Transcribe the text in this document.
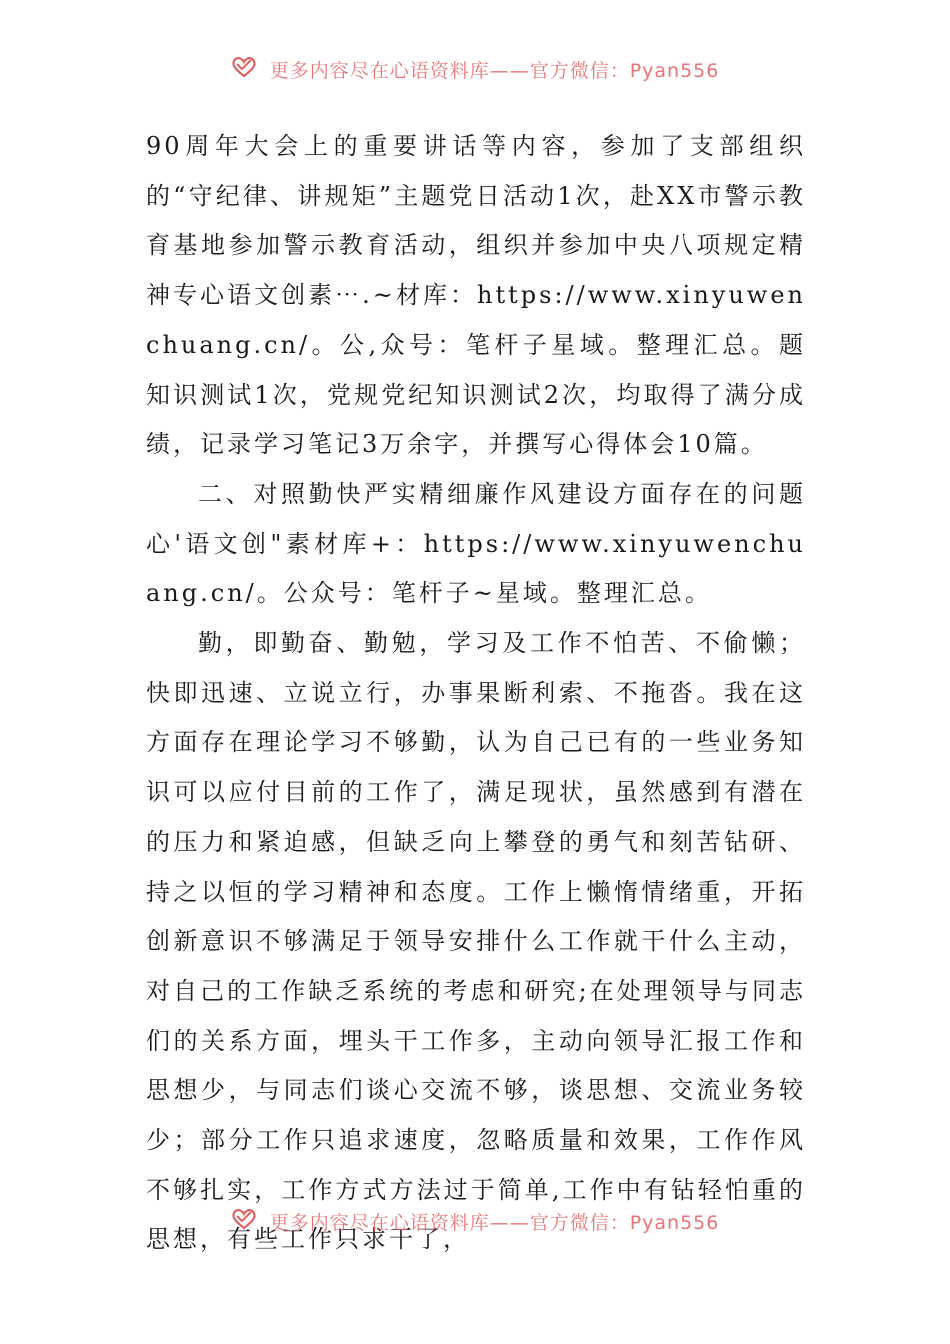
更多内容尽在心语资料库——官方微信：Pyan556

90周年大会上的重要讲话等内容，参加了支部组织的“守纪律、讲规矩”主题党日活动1次，赴XX市警示教育基地参加警示教育活动，组织并参加中央八项规定精神专心语文创素⋯.~材库：https://www.xinyuwenchuang.cn/。公,众号：笔杆子星域。整理汇总。题知识测试1次，党规党纪知识测试2次，均取得了满分成绩，记录学习笔记3万余字，并撰写心得体会10篇。

二、对照勤快严实精细廉作风建设方面存在的问题心'语文创"素材库+：https://www.xinyuwenchuang.cn/。公众号：笔杆子~星域。整理汇总。

勤，即勤奋、勤勉，学习及工作不怕苦、不偷懒；快即迅速、立说立行，办事果断利索、不拖沓。我在这方面存在理论学习不够勤，认为自己已有的一些业务知识可以应付目前的工作了，满足现状，虽然感到有潜在的压力和紧迫感，但缺乏向上攀登的勇气和刻苦钻研、持之以恒的学习精神和态度。工作上懒惰情绪重，开拓创新意识不够满足于领导安排什么工作就干什么主动，对自己的工作缺乏系统的考虑和研究;在处理领导与同志们的关系方面，埋头干工作多，主动向领导汇报工作和思想少，与同志们谈心交流不够，谈思想、交流业务较少；部分工作只追求速度，忽略质量和效果，工作作风不够扎实，工作方式方法过于简单,工作中有钻轻怕重的思想，有些工作只求干了，

更多内容尽在心语资料库——官方微信：Pyan556
